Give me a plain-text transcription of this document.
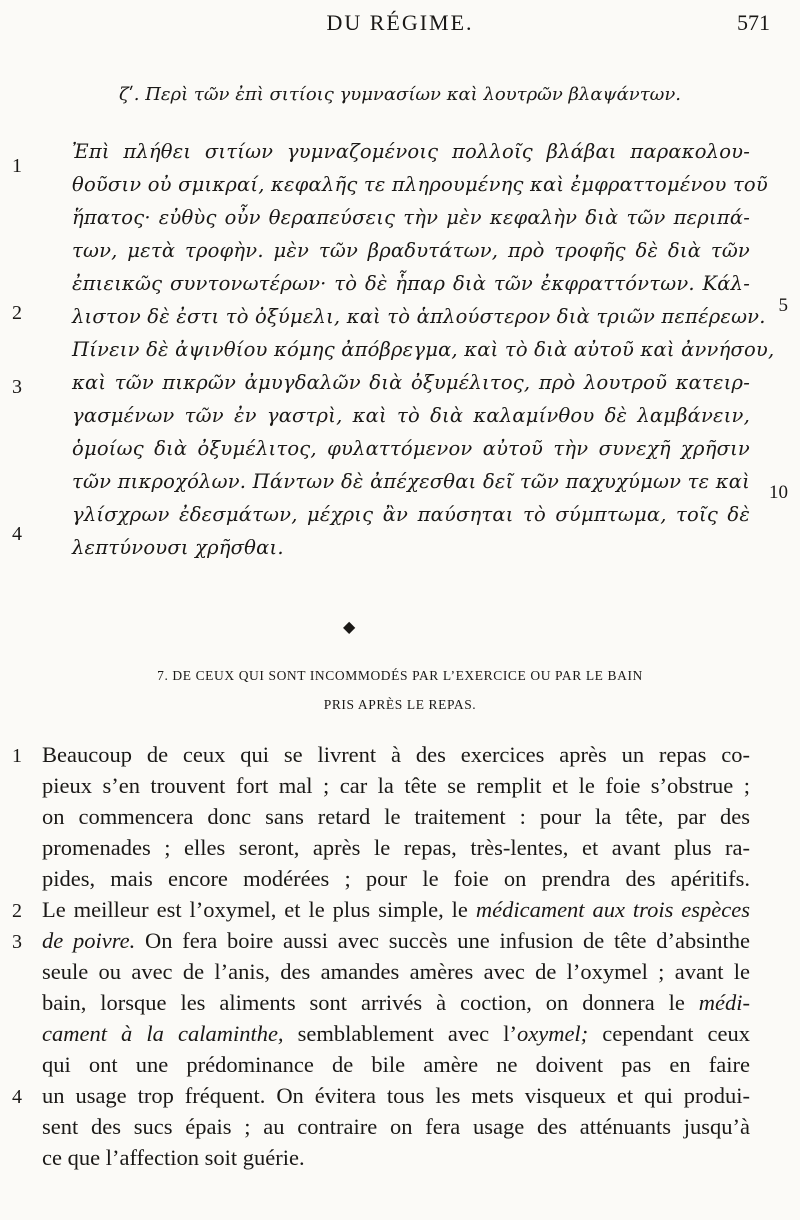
DU RÉGIME.	571
ζʹ. Περὶ τῶν ἐπὶ σιτίοις γυμνασίων καὶ λουτρῶν βλαψάντων.
Ἐπὶ πλήθει σιτίων γυμναζομένοις πολλοῖς βλάβαι παρακολου-
θοῦσιν οὐ σμικραί, κεφαλῆς τε πληρουμένης καὶ ἐμφραττομένου τοῦ
ἥπατος· εὐθὺς οὖν θεραπεύσεις τὴν μὲν κεφαλὴν διὰ τῶν περιπά-
των, μετὰ τροφὴν. μὲν τῶν βραδυτάτων, πρὸ τροφῆς δὲ διὰ τῶν
ἐπιεικῶς συντονωτέρων· τὸ δὲ ἧπαρ διὰ τῶν ἐκφραττόντων. Κάλ-
λιστον δὲ ἐστι τὸ ὀξύμελι, καὶ τὸ ἁπλούστερον διὰ τριῶν πεπέρεων.
Πίνειν δὲ ἀψινθίου κόμης ἀπόβρεγμα, καὶ τὸ διὰ αὐτοῦ καὶ ἀννήσου,
καὶ τῶν πικρῶν ἀμυγδαλῶν διὰ ὀξυμέλιτος, πρὸ λουτροῦ κατειρ-
γασμένων τῶν ἐν γαστρὶ, καὶ τὸ διὰ καλαμίνθου δὲ λαμβάνειν,
ὁμοίως διὰ ὀξυμέλιτος, φυλαττόμενον αὐτοῦ τὴν συνεχῆ χρῆσιν
τῶν πικροχόλων. Πάντων δὲ ἀπέχεσθαι δεῖ τῶν παχυχύμων τε καὶ
γλίσχρων ἐδεσμάτων, μέχρις ἂν παύσηται τὸ σύμπτωμα, τοῖς δὲ
λεπτύνουσι χρῆσθαι.
1
2
3
4
5
10
◆
7. DE CEUX QUI SONT INCOMMODÉS PAR L’EXERCICE OU PAR LE BAIN
PRIS APRÈS LE REPAS.
Beaucoup de ceux qui se livrent à des exercices après un repas co-
pieux s’en trouvent fort mal ; car la tête se remplit et le foie s’obstrue ;
on commencera donc sans retard le traitement : pour la tête, par des
promenades ; elles seront, après le repas, très-lentes, et avant plus ra-
pides, mais encore modérées ; pour le foie on prendra des apéritifs.
Le meilleur est l’oxymel, et le plus simple, le médicament aux trois espèces
de poivre. On fera boire aussi avec succès une infusion de tête d’absinthe
seule ou avec de l’anis, des amandes amères avec de l’oxymel ; avant le
bain, lorsque les aliments sont arrivés à coction, on donnera le médi-
cament à la calaminthe, semblablement avec l’oxymel; cependant ceux
qui ont une prédominance de bile amère ne doivent pas en faire
un usage trop fréquent. On évitera tous les mets visqueux et qui produi-
sent des sucs épais ; au contraire on fera usage des atténuants jusqu’à
ce que l’affection soit guérie.
1
2
3
4
